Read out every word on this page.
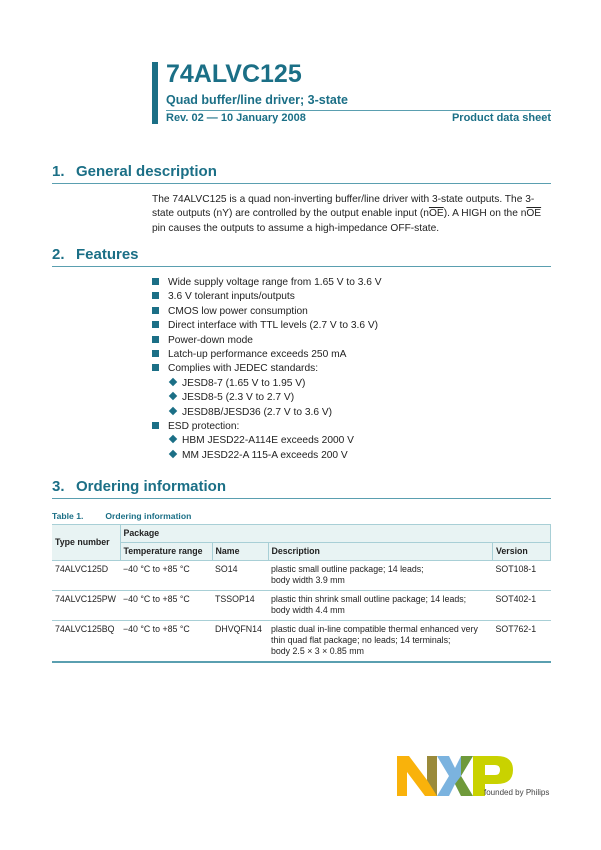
74ALVC125
Quad buffer/line driver; 3-state
Rev. 02 — 10 January 2008	Product data sheet
1. General description
The 74ALVC125 is a quad non-inverting buffer/line driver with 3-state outputs. The 3-state outputs (nY) are controlled by the output enable input $(n\overline{OE})$. A HIGH on the $n\overline{OE}$ pin causes the outputs to assume a high-impedance OFF-state.
2. Features
Wide supply voltage range from 1.65 V to 3.6 V
3.6 V tolerant inputs/outputs
CMOS low power consumption
Direct interface with TTL levels (2.7 V to 3.6 V)
Power-down mode
Latch-up performance exceeds 250 mA
Complies with JEDEC standards:
JESD8-7 (1.65 V to 1.95 V)
JESD8-5 (2.3 V to 2.7 V)
JESD8B/JESD36 (2.7 V to 3.6 V)
ESD protection:
HBM JESD22-A114E exceeds 2000 V
MM JESD22-A 115-A exceeds 200 V
3. Ordering information
Table 1.	Ordering information
Type number	Package			
	Temperature range	Name	Description	Version
74ALVC125D	−40 °C to +85 °C	SO14	plastic small outline package; 14 leads;
body width 3.9 mm	SOT108-1
74ALVC125PW	−40 °C to +85 °C	TSSOP14	plastic thin shrink small outline package; 14 leads;
body width 4.4 mm	SOT402-1
74ALVC125BQ	−40 °C to +85 °C	DHVQFN14	plastic dual in-line compatible thermal enhanced very
thin quad flat package; no leads; 14 terminals;
body 2.5 × 3 × 0.85 mm	SOT762-1
founded by Philips
